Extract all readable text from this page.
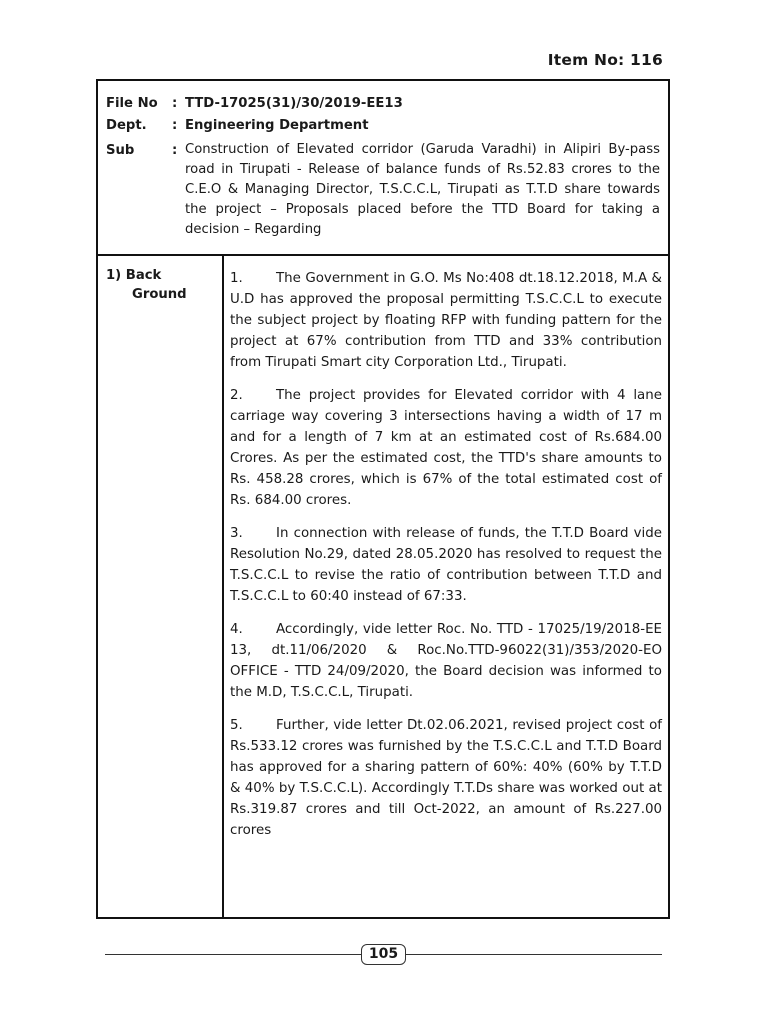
Item No: 116
File No	: TTD-17025(31)/30/2019-EE13
Dept.	: Engineering Department
Sub	: Construction of Elevated corridor (Garuda Varadhi) in Alipiri By-pass road in Tirupati - Release of balance funds of Rs.52.83 crores to the C.E.O & Managing Director, T.S.C.C.L, Tirupati as T.T.D share towards the project – Proposals placed before the TTD Board for taking a decision – Regarding
1) Back
Ground

1. The Government in G.O. Ms No:408 dt.18.12.2018, M.A & U.D has approved the proposal permitting T.S.C.C.L to execute the subject project by floating RFP with funding pattern for the project at 67% contribution from TTD and 33% contribution from Tirupati Smart city Corporation Ltd., Tirupati.

2. The project provides for Elevated corridor with 4 lane carriage way covering 3 intersections having a width of 17 m and for a length of 7 km at an estimated cost of Rs.684.00 Crores. As per the estimated cost, the TTD's share amounts to Rs. 458.28 crores, which is 67% of the total estimated cost of Rs. 684.00 crores.

3. In connection with release of funds, the T.T.D Board vide Resolution No.29, dated 28.05.2020 has resolved to request the T.S.C.C.L to revise the ratio of contribution between T.T.D and T.S.C.C.L to 60:40 instead of 67:33.

4. Accordingly, vide letter Roc. No. TTD - 17025/19/2018-EE 13, dt.11/06/2020 & Roc.No.TTD-96022(31)/353/2020-EO OFFICE - TTD 24/09/2020, the Board decision was informed to the M.D, T.S.C.C.L, Tirupati.

5. Further, vide letter Dt.02.06.2021, revised project cost of Rs.533.12 crores was furnished by the T.S.C.C.L and T.T.D Board has approved for a sharing pattern of 60%: 40% (60% by T.T.D & 40% by T.S.C.C.L). Accordingly T.T.Ds share was worked out at Rs.319.87 crores and till Oct-2022, an amount of Rs.227.00 crores

105
